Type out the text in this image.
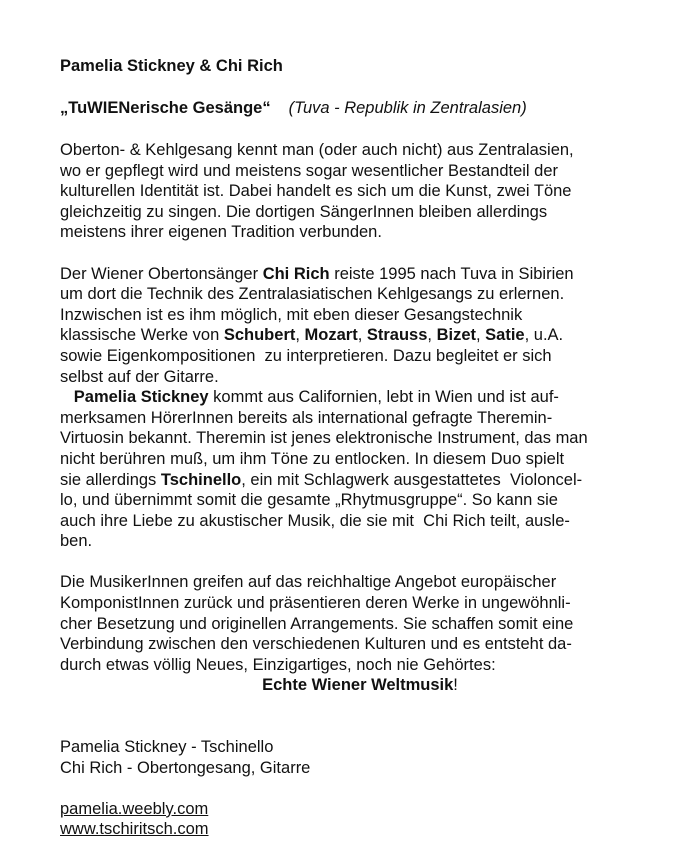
Pamelia Stickney & Chi Rich
„TuWIENerische Gesänge“ (Tuva - Republik in Zentralasien)

Oberton- & Kehlgesang kennt man (oder auch nicht) aus Zentralasien,

wo er gepflegt wird und meistens sogar wesentlicher Bestandteil der

kulturellen Identität ist. Dabei handelt es sich um die Kunst, zwei Töne

gleichzeitig zu singen. Die dortigen SängerInnen bleiben allerdings

meistens ihrer eigenen Tradition verbunden.

Der Wiener Obertonsänger Chi Rich reiste 1995 nach Tuva in Sibirien

um dort die Technik des Zentralasiatischen Kehlgesangs zu erlernen.

Inzwischen ist es ihm möglich, mit eben dieser Gesangstechnik

klassische Werke von Schubert, Mozart, Strauss, Bizet, Satie, u.A.

sowie Eigenkompositionen  zu interpretieren. Dazu begleitet er sich

selbst auf der Gitarre.

Pamelia Stickney kommt aus Californien, lebt in Wien und ist auf-

merksamen HörerInnen bereits als international gefragte Theremin-

Virtuosin bekannt. Theremin ist jenes elektronische Instrument, das man

nicht berühren muß, um ihm Töne zu entlocken. In diesem Duo spielt

sie allerdings Tschinello, ein mit Schlagwerk ausgestattetes  Violoncel-

lo, und übernimmt somit die gesamte „Rhytmusgruppe“. So kann sie

auch ihre Liebe zu akustischer Musik, die sie mit  Chi Rich teilt, ausle-

ben.

Die MusikerInnen greifen auf das reichhaltige Angebot europäischer

KomponistInnen zurück und präsentieren deren Werke in ungewöhnli-

cher Besetzung und originellen Arrangements. Sie schaffen somit eine

Verbindung zwischen den verschiedenen Kulturen und es entsteht da-

durch etwas völlig Neues, Einzigartiges, noch nie Gehörtes:

Echte Wiener Weltmusik!

Pamelia Stickney - Tschinello

Chi Rich - Obertongesang, Gitarre

pamelia.weebly.com

www.tschiritsch.com
